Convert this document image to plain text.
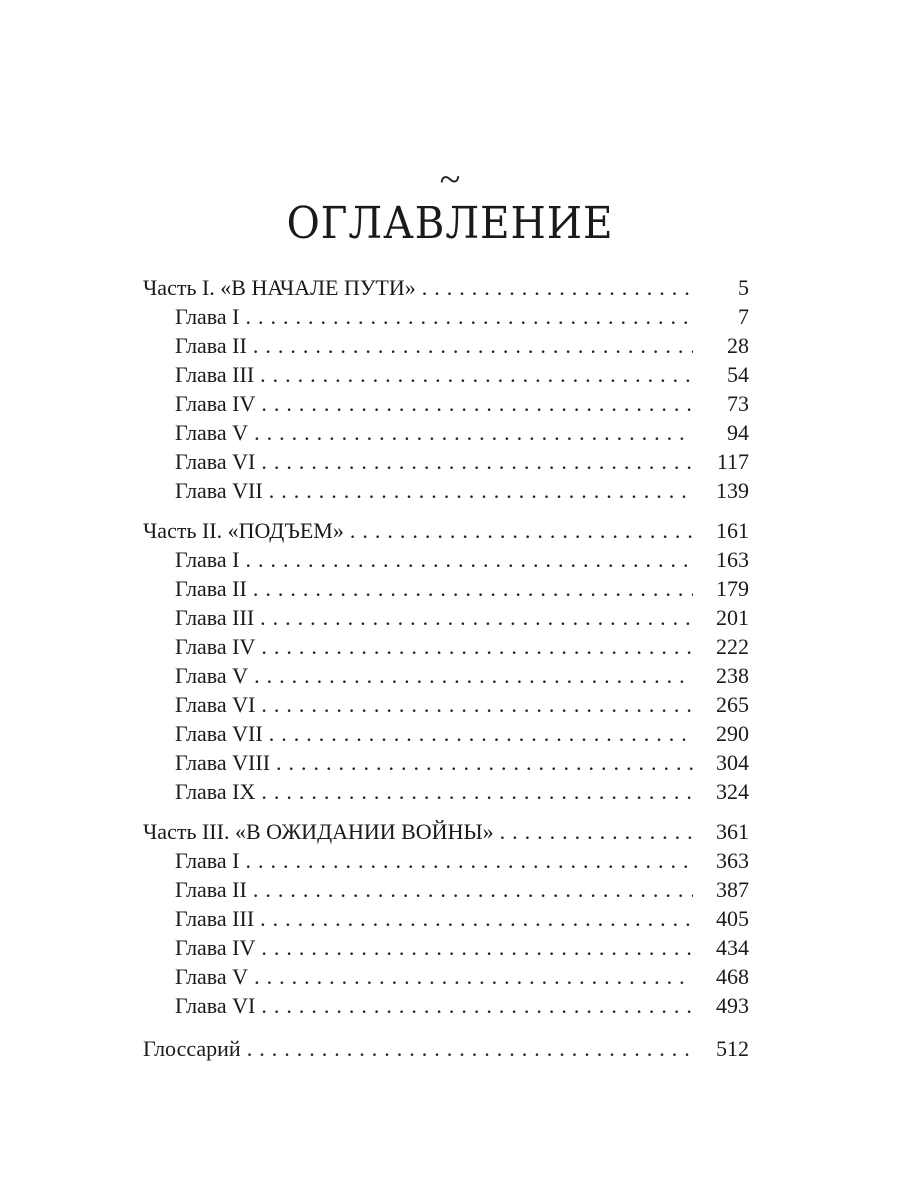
~
ОГЛАВЛЕНИЕ
Часть I. «В НАЧАЛЕ ПУТИ» . . .	5
Глава I . . .	7
Глава II . . .	28
Глава III . . .	54
Глава IV . . .	73
Глава V . . .	94
Глава VI . . .	117
Глава VII . . .	139
Часть II. «ПОДЪЕМ» . . .	161
Глава I . . .	163
Глава II . . .	179
Глава III . . .	201
Глава IV . . .	222
Глава V . . .	238
Глава VI . . .	265
Глава VII . . .	290
Глава VIII . . .	304
Глава IX . . .	324
Часть III. «В ОЖИДАНИИ ВОЙНЫ» . . .	361
Глава I . . .	363
Глава II . . .	387
Глава III . . .	405
Глава IV . . .	434
Глава V . . .	468
Глава VI . . .	493
Глоссарий . . .	512
